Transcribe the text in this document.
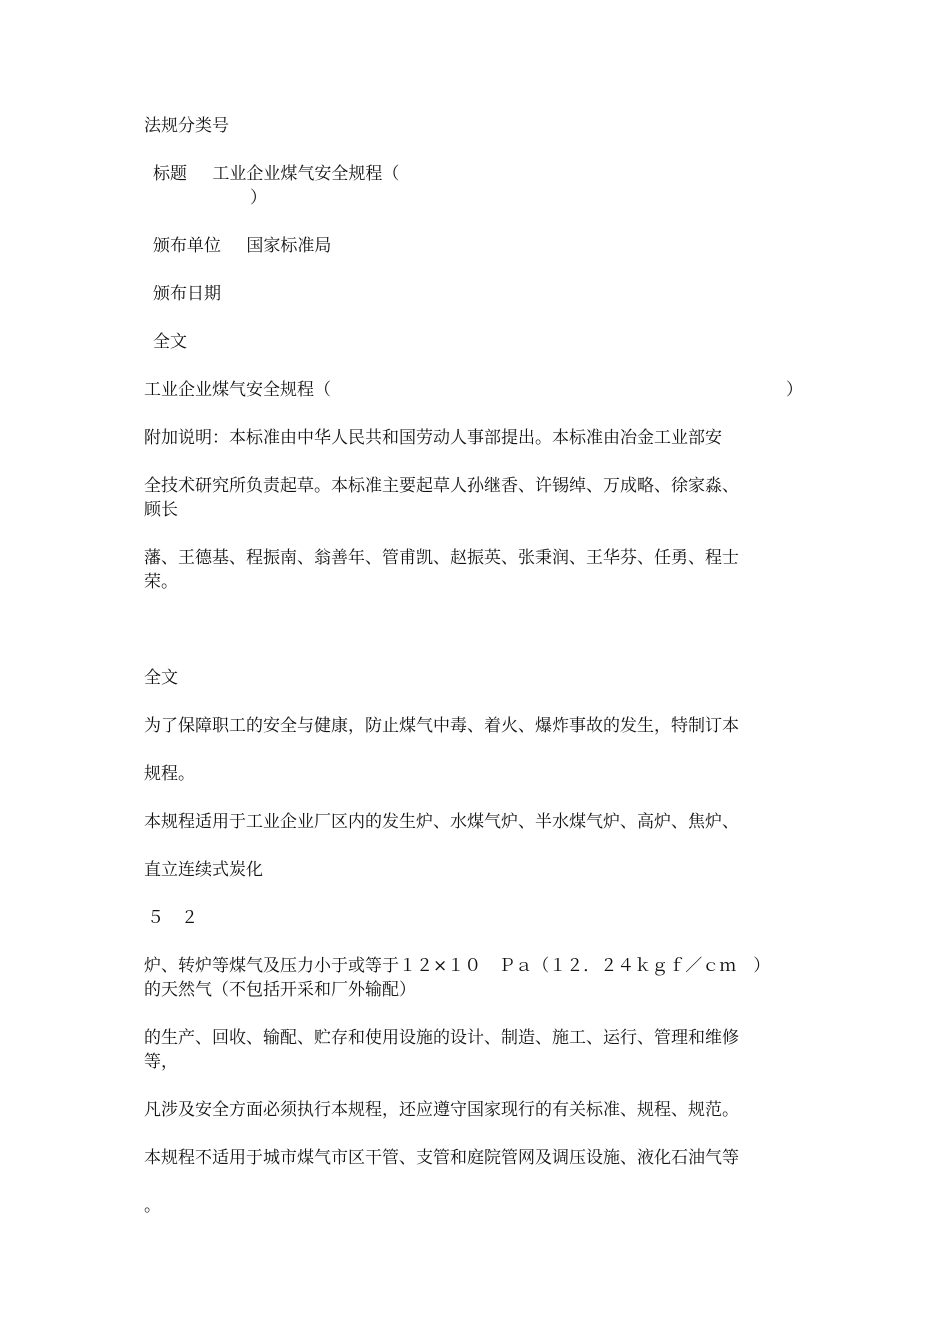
法规分类号
标题 工业企业煤气安全规程（
）
颁布单位 国家标准局
颁布日期
全文
工业企业煤气安全规程（	）
附加说明：本标准由中华人民共和国劳动人事部提出。本标准由冶金工业部安
全技术研究所负责起草。本标准主要起草人孙继香、许锡绰、万成略、徐家淼、
顾长
藩、王德基、程振南、翁善年、管甫凯、赵振英、张秉润、王华芬、任勇、程士
荣。
全文
为了保障职工的安全与健康，防止煤气中毒、着火、爆炸事故的发生，特制订本
规程。
本规程适用于工业企业厂区内的发生炉、水煤气炉、半水煤气炉、高炉、焦炉、
直立连续式炭化
５　２
炉、转炉等煤气及压力小于或等于１２×１０　Ｐａ（１２．２４ｋｇｆ／ｃｍ　）
的天然气（不包括开采和厂外输配）
的生产、回收、输配、贮存和使用设施的设计、制造、施工、运行、管理和维修
等，
凡涉及安全方面必须执行本规程，还应遵守国家现行的有关标准、规程、规范。
本规程不适用于城市煤气市区干管、支管和庭院管网及调压设施、液化石油气等
。
